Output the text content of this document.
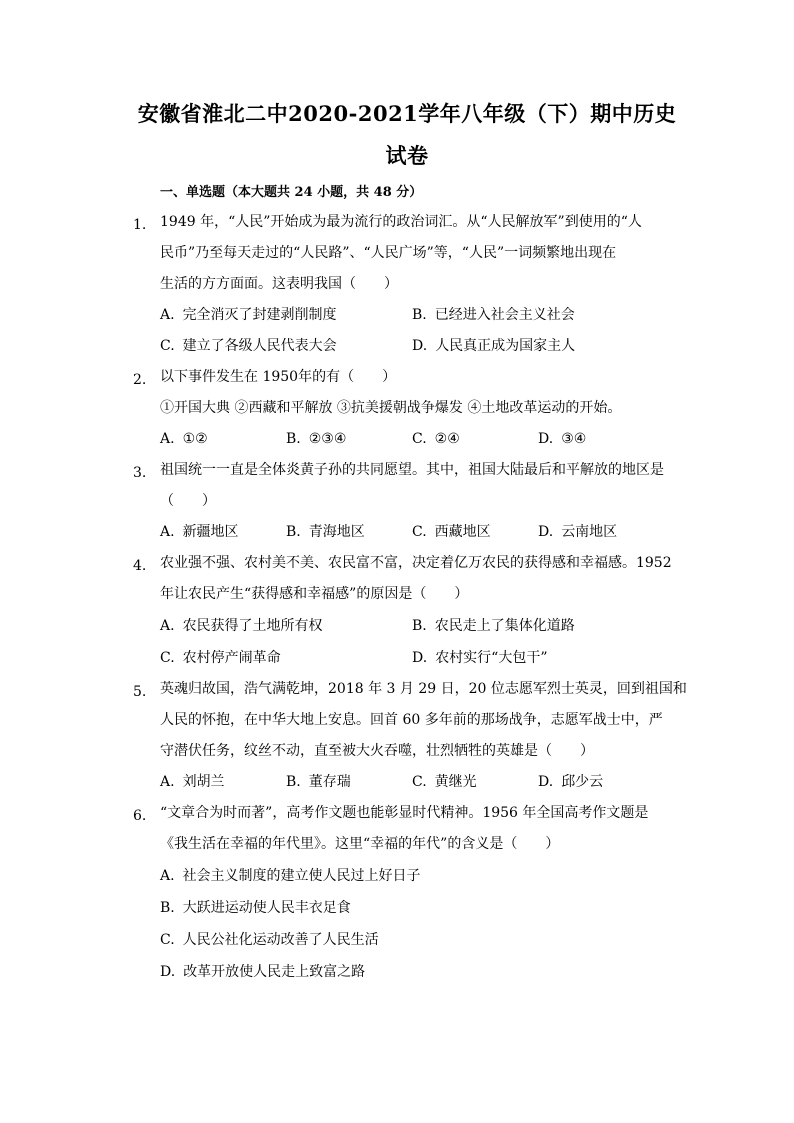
安徽省淮北二中2020-2021学年八年级（下）期中历史
试卷
一、单选题（本大题共 24 小题，共 48 分）
1. 1949 年，“人民”开始成为最为流行的政治词汇。从“人民解放军”到使用的“人
民币”乃至每天走过的“人民路”、“人民广场”等，“人民”一词频繁地出现在
生活的方方面面。这表明我国（　　）
A. 完全消灭了封建剥削制度	B. 已经进入社会主义社会
C. 建立了各级人民代表大会	D. 人民真正成为国家主人
2. 以下事件发生在 1950年的有（　　）
①开国大典 ②西藏和平解放 ③抗美援朝战争爆发 ④土地改革运动的开始。
A. ①②	B. ②③④	C. ②④	D. ③④
3. 祖国统一一直是全体炎黄子孙的共同愿望。其中，祖国大陆最后和平解放的地区是
（　　）
A. 新疆地区	B. 青海地区	C. 西藏地区	D. 云南地区
4. 农业强不强、农村美不美、农民富不富，决定着亿万农民的获得感和幸福感。1952
年让农民产生“获得感和幸福感”的原因是（　　）
A. 农民获得了土地所有权	B. 农民走上了集体化道路
C. 农村停产闹革命	D. 农村实行“大包干”
5. 英魂归故国，浩气满乾坤，2018 年 3 月 29 日，20 位志愿军烈士英灵，回到祖国和
人民的怀抱，在中华大地上安息。回首 60 多年前的那场战争，志愿军战士中，严
守潜伏任务，纹丝不动，直至被大火吞噬，壮烈牺牲的英雄是（　　）
A. 刘胡兰	B. 董存瑞	C. 黄继光	D. 邱少云
6. “文章合为时而著”，高考作文题也能彰显时代精神。1956 年全国高考作文题是
《我生活在幸福的年代里》。这里“幸福的年代”的含义是（　　）
A. 社会主义制度的建立使人民过上好日子
B. 大跃进运动使人民丰衣足食
C. 人民公社化运动改善了人民生活
D. 改革开放使人民走上致富之路
